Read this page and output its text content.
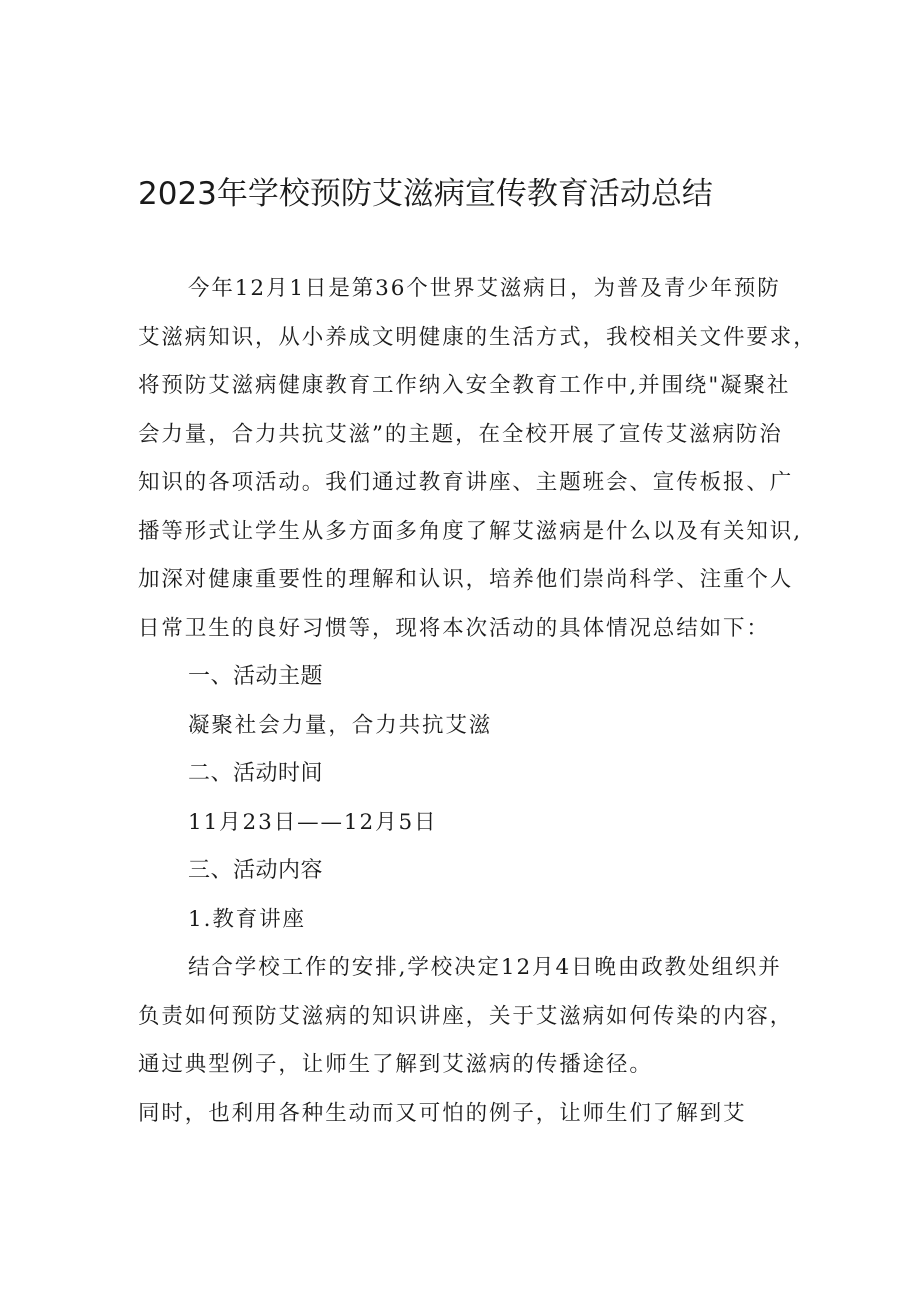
2023年学校预防艾滋病宣传教育活动总结
今年12月1日是第36个世界艾滋病日，为普及青少年预防
艾滋病知识，从小养成文明健康的生活方式，我校相关文件要求，
将预防艾滋病健康教育工作纳入安全教育工作中,并围绕"凝聚社
会力量，合力共抗艾滋”的主题，在全校开展了宣传艾滋病防治
知识的各项活动。我们通过教育讲座、主题班会、宣传板报、广
播等形式让学生从多方面多角度了解艾滋病是什么以及有关知识,
加深对健康重要性的理解和认识，培养他们崇尚科学、注重个人
日常卫生的良好习惯等，现将本次活动的具体情况总结如下：
一、活动主题
凝聚社会力量，合力共抗艾滋
二、活动时间
11月23日——12月5日
三、活动内容
1.教育讲座
结合学校工作的安排,学校决定12月4日晚由政教处组织并
负责如何预防艾滋病的知识讲座，关于艾滋病如何传染的内容，
通过典型例子，让师生了解到艾滋病的传播途径。
同时，也利用各种生动而又可怕的例子，让师生们了解到艾
